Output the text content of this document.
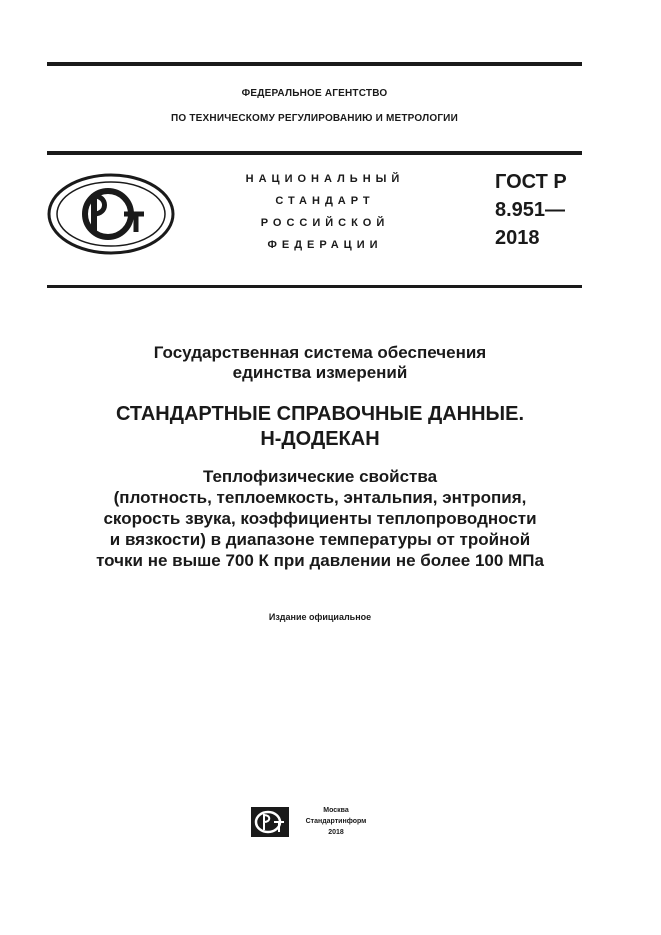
ФЕДЕРАЛЬНОЕ АГЕНТСТВО
ПО ТЕХНИЧЕСКОМУ РЕГУЛИРОВАНИЮ И МЕТРОЛОГИИ
НАЦИОНАЛЬНЫЙ
СТАНДАРТ
РОССИЙСКОЙ
ФЕДЕРАЦИИ
ГОСТ Р
8.951—
2018
Государственная система обеспечения
единства измерений
СТАНДАРТНЫЕ СПРАВОЧНЫЕ ДАННЫЕ.
Н-ДОДЕКАН
Теплофизические свойства
(плотность, теплоемкость, энтальпия, энтропия,
скорость звука, коэффициенты теплопроводности
и вязкости) в диапазоне температуры от тройной
точки не выше 700 К при давлении не более 100 МПа
Издание официальное
Москва
Стандартинформ
2018
